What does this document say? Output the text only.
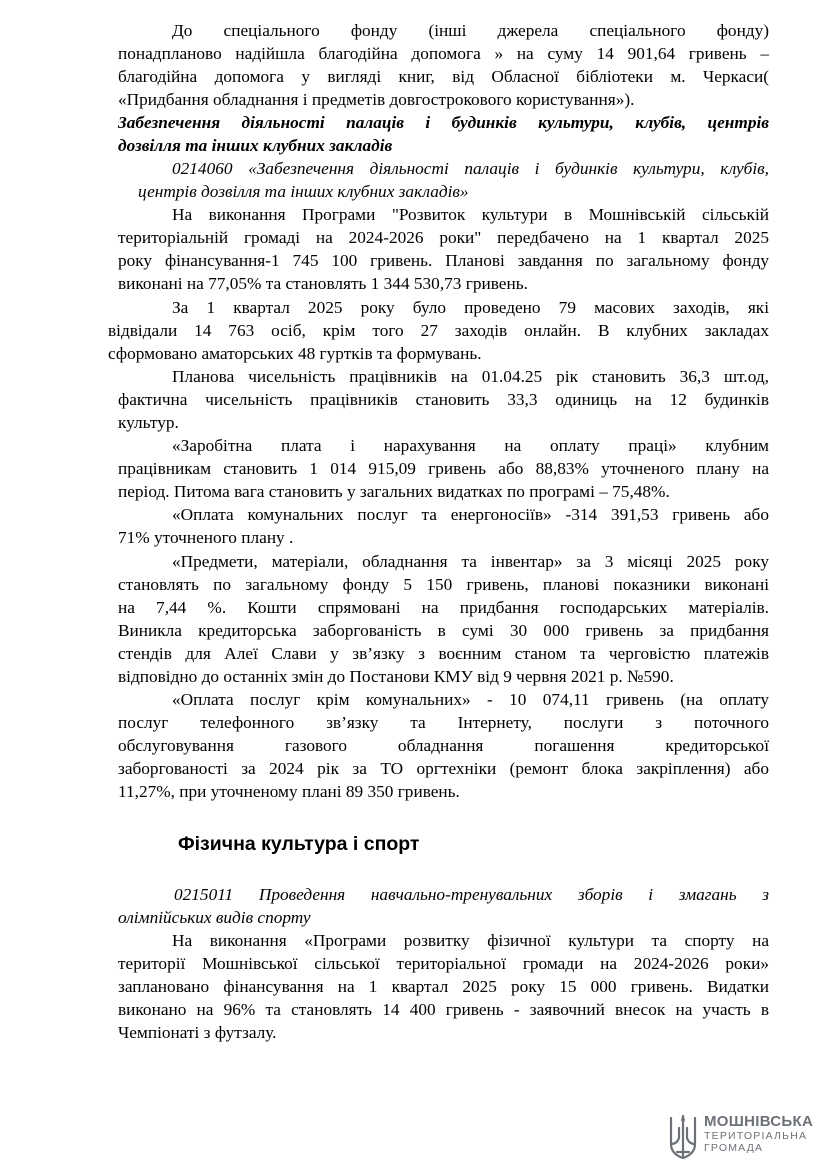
До спеціального фонду (інші джерела спеціального фонду)

понадпланово надійшла благодійна допомога » на суму 14 901,64 гривень –

благодійна допомога у вигляді книг, від Обласної бібліотеки м. Черкаси(

«Придбання обладнання і предметів довгострокового користування»).

Забезпечення діяльності палаців і будинків культури, клубів, центрів

дозвілля та інших клубних закладів

0214060 «Забезпечення діяльності палаців і будинків культури, клубів,

центрів дозвілля та інших клубних закладів»

На виконання Програми "Розвиток культури в Мошнівській сільській

територіальній громаді на 2024-2026 роки" передбачено на 1 квартал 2025

року фінансування-1 745 100 гривень. Планові завдання по загальному фонду

виконані на 77,05% та становлять 1 344 530,73 гривень.

За 1 квартал 2025 року було проведено 79 масових заходів, які

відвідали 14 763 осіб, крім того 27 заходів онлайн. В клубних закладах

сформовано аматорських 48 гуртків та формувань.

Планова чисельність працівників на 01.04.25 рік становить 36,3 шт.од,

фактична чисельність працівників становить 33,3 одиниць на 12 будинків

культур.

«Заробітна плата і нарахування на оплату праці» клубним

працівникам становить 1 014 915,09 гривень або 88,83% уточненого плану на

період. Питома вага становить у загальних видатках по програмі – 75,48%.

«Оплата комунальних послуг та енергоносіїв» -314 391,53 гривень або

71% уточненого плану .

«Предмети, матеріали, обладнання та інвентар» за 3 місяці 2025 року

становлять по загальному фонду 5 150 гривень, планові показники виконані

на 7,44 %. Кошти спрямовані на придбання господарських матеріалів.

Виникла кредиторська заборгованість в сумі 30 000 гривень за придбання

стендів для Алеї Слави у зв’язку з воєнним станом та черговістю платежів

відповідно до останніх змін до Постанови КМУ від 9 червня 2021 р. №590.

«Оплата послуг крім комунальних» - 10 074,11 гривень (на оплату

послуг телефонного зв’язку та Інтернету, послуги з поточного

обслуговування газового обладнання погашення кредиторської

заборгованості за 2024 рік за ТО оргтехніки (ремонт блока закріплення) або

11,27%, при уточненому плані 89 350 гривень.

Фізична культура і спорт

0215011 Проведення навчально-тренувальних зборів і змагань з

олімпійських видів спорту

На виконання «Програми розвитку фізичної культури та спорту на

території Мошнівської сільської територіальної громади на 2024-2026 роки»

заплановано фінансування на 1 квартал 2025 року 15 000 гривень. Видатки

виконано на 96% та становлять 14 400 гривень - заявочний внесок на участь в

Чемпіонаті з футзалу.

МОШНІВСЬКА
ТЕРИТОРІАЛЬНА
ГРОМАДА
